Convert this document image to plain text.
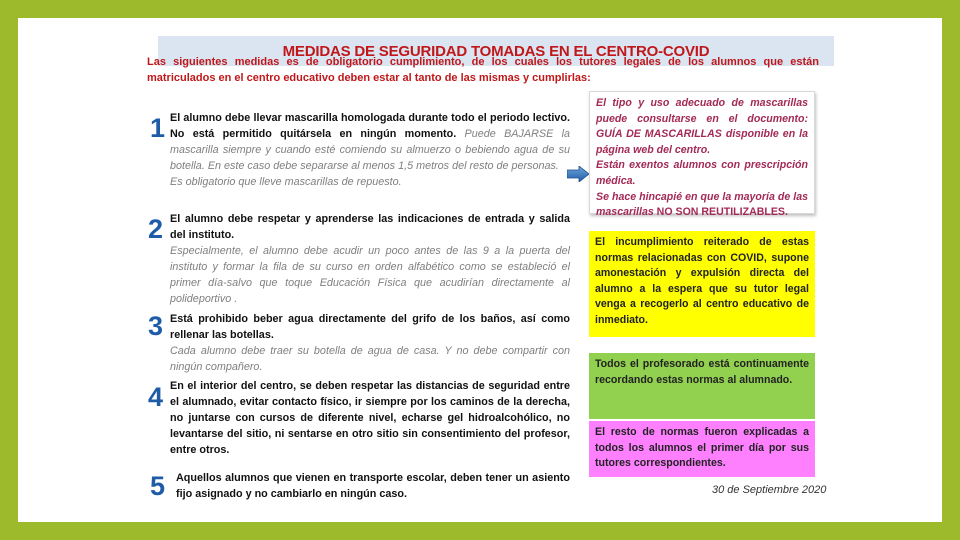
MEDIDAS DE SEGURIDAD TOMADAS EN EL CENTRO-COVID
Las siguientes medidas es de obligatorio cumplimiento, de los cuales los tutores legales de los alumnos que están matriculados en el centro educativo deben estar al tanto de las mismas y cumplirlas:
1 El alumno debe llevar mascarilla homologada durante todo el periodo lectivo. No está permitido quitársela en ningún momento. Puede BAJARSE la mascarilla siempre y cuando esté comiendo su almuerzo o bebiendo agua de su botella. En este caso debe separarse al menos 1,5 metros del resto de personas.

Es obligatorio que lleve mascarillas de repuesto.

2 El alumno debe respetar y aprenderse las indicaciones de entrada y salida del instituto.

Especialmente, el alumno debe acudir un poco antes de las 9 a la puerta del instituto y formar la fila de su curso en orden alfabético como se estableció el primer día-salvo que toque Educación Física que acudirían directamente al polideportivo .

3 Está prohibido beber agua directamente del grifo de los baños, así como rellenar las botellas.

Cada alumno debe traer su botella de agua de casa. Y no debe compartir con ningún compañero.

4 En el interior del centro, se deben respetar las distancias de seguridad entre el alumnado, evitar contacto físico, ir siempre por los caminos de la derecha, no juntarse con cursos de diferente nivel, echarse gel hidroalcohólico, no levantarse del sitio, ni sentarse en otro sitio sin consentimiento del profesor, entre otros.

5 Aquellos alumnos que vienen en transporte escolar, deben tener un asiento fijo asignado y no cambiarlo en ningún caso.

El tipo y uso adecuado de mascarillas puede consultarse en el documento: GUÍA DE MASCARILLAS disponible en la página web del centro.
Están exentos alumnos con prescripción médica.
Se hace hincapié en que la mayoría de las mascarillas NO SON REUTILIZABLES.
El incumplimiento reiterado de estas normas relacionadas con COVID, supone amonestación y expulsión directa del alumno a la espera que su tutor legal venga a recogerlo al centro educativo de inmediato.
Todos el profesorado está continuamente recordando estas normas al alumnado.
El resto de normas fueron explicadas a todos los alumnos el primer día por sus tutores correspondientes.
30 de Septiembre 2020
